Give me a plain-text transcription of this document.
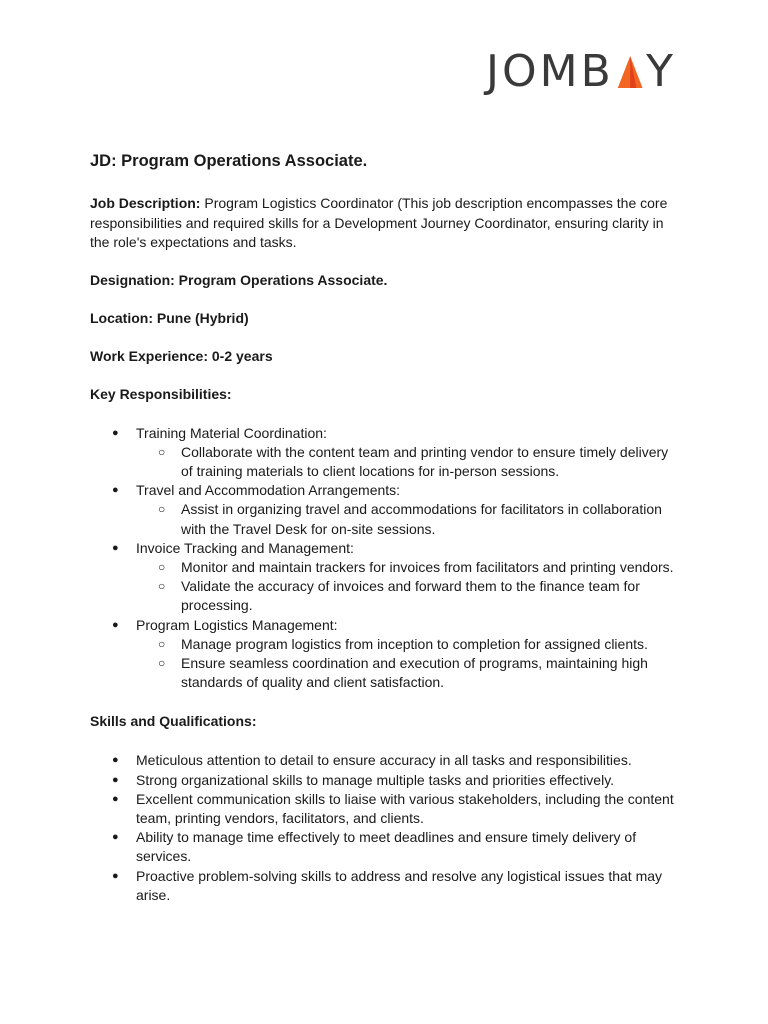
JOMB Y
JD: Program Operations Associate.

Job Description: Program Logistics Coordinator (This job description encompasses the core responsibilities and required skills for a Development Journey Coordinator, ensuring clarity in the role's expectations and tasks.

Designation: Program Operations Associate.
Location: Pune (Hybrid)
Work Experience: 0-2 years
Key Responsibilities:
● Training Material Coordination:
○ Collaborate with the content team and printing vendor to ensure timely delivery of training materials to client locations for in-person sessions.
● Travel and Accommodation Arrangements:
○ Assist in organizing travel and accommodations for facilitators in collaboration with the Travel Desk for on-site sessions.
● Invoice Tracking and Management:
○ Monitor and maintain trackers for invoices from facilitators and printing vendors.
○ Validate the accuracy of invoices and forward them to the finance team for processing.
● Program Logistics Management:
○ Manage program logistics from inception to completion for assigned clients.
○ Ensure seamless coordination and execution of programs, maintaining high standards of quality and client satisfaction.
Skills and Qualifications:
● Meticulous attention to detail to ensure accuracy in all tasks and responsibilities.
● Strong organizational skills to manage multiple tasks and priorities effectively.
● Excellent communication skills to liaise with various stakeholders, including the content team, printing vendors, facilitators, and clients.
● Ability to manage time effectively to meet deadlines and ensure timely delivery of services.
● Proactive problem-solving skills to address and resolve any logistical issues that may arise.
